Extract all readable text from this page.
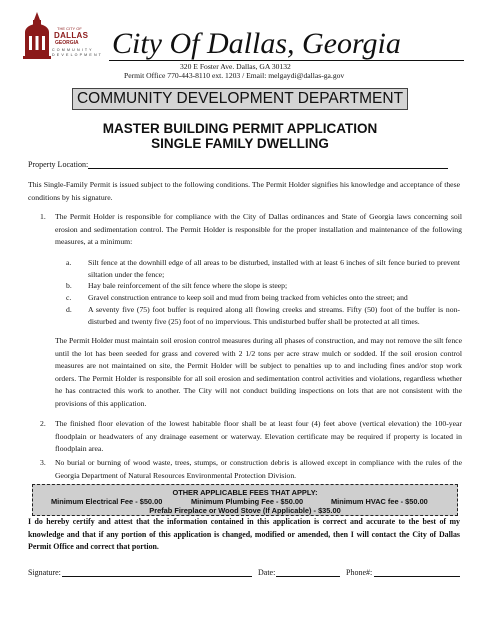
THE CITY OF
DALLAS
GEORGIA
C O M M U N I T Y
D E V E L O P M E N T City Of Dallas, Georgia
320 E Foster Ave. Dallas, GA 30132
Permit Office 770-443-8110 ext. 1203 / Email: melgaydi@dallas-ga.gov
COMMUNITY DEVELOPMENT DEPARTMENT
MASTER BUILDING PERMIT APPLICATION
SINGLE FAMILY DWELLING
Property Location:
This Single-Family Permit is issued subject to the following conditions. The Permit Holder signifies his knowledge and acceptance of these conditions by his signature.
1. The Permit Holder is responsible for compliance with the City of Dallas ordinances and State of Georgia laws concerning soil erosion and sedimentation control. The Permit Holder is responsible for the proper installation and maintenance of the following measures, at a minimum:
a. Silt fence at the downhill edge of all areas to be disturbed, installed with at least 6 inches of silt fence buried to prevent siltation under the fence;
b. Hay bale reinforcement of the silt fence where the slope is steep;
c. Gravel construction entrance to keep soil and mud from being tracked from vehicles onto the street; and
d. A seventy five (75) foot buffer is required along all flowing creeks and streams. Fifty (50) foot of the buffer is non-disturbed and twenty five (25) foot of no impervious. This undisturbed buffer shall be protected at all times.
The Permit Holder must maintain soil erosion control measures during all phases of construction, and may not remove the silt fence until the lot has been seeded for grass and covered with 2 1/2 tons per acre straw mulch or sodded. If the soil erosion control measures are not maintained on site, the Permit Holder will be subject to penalties up to and including fines and/or stop work orders. The Permit Holder is responsible for all soil erosion and sedimentation control activities and violations, regardless whether he has contracted this work to another. The City will not conduct building inspections on lots that are not consistent with the provisions of this application.
2. The finished floor elevation of the lowest habitable floor shall be at least four (4) feet above (vertical elevation) the 100-year floodplain or headwaters of any drainage easement or waterway. Elevation certificate may be required if property is located in floodplain area.
3. No burial or burning of wood waste, trees, stumps, or construction debris is allowed except in compliance with the rules of the Georgia Department of Natural Resources Environmental Protection Division.
OTHER APPLICABLE FEES THAT APPLY:
Minimum Electrical Fee - $50.00	Minimum Plumbing Fee - $50.00	Minimum HVAC fee - $50.00
Prefab Fireplace or Wood Stove (If Applicable) - $35.00
I do hereby certify and attest that the information contained in this application is correct and accurate to the best of my knowledge and that if any portion of this application is changed, modified or amended, then I will contact the City of Dallas Permit Office and correct that portion.
Signature:	Date:	Phone#:
